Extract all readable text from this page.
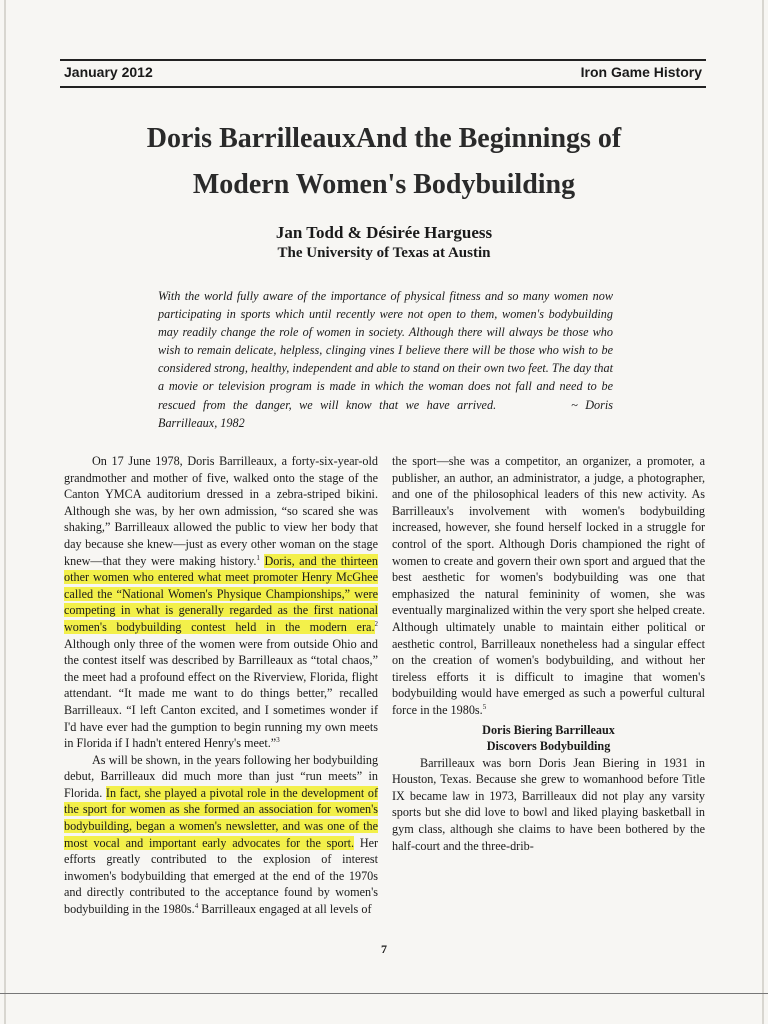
January 2012	Iron Game History
Doris BarrilleauxAnd the Beginnings of
Modern Women's Bodybuilding
Jan Todd & Désirée Harguess
The University of Texas at Austin
With the world fully aware of the importance of physical fitness and so many women now participating in sports which until recently were not open to them, women's bodybuilding may readily change the role of women in society. Although there will always be those who wish to remain delicate, helpless, clinging vines I believe there will be those who wish to be considered strong, healthy, independent and able to stand on their own two feet. The day that a movie or television program is made in which the woman does not fall and need to be rescued from the danger, we will know that we have arrived.	~ Doris Barrilleaux, 1982

On 17 June 1978, Doris Barrilleaux, a forty-six-year-old grandmother and mother of five, walked onto the stage of the Canton YMCA auditorium dressed in a zebra-striped bikini. Although she was, by her own admission, “so scared she was shaking,” Barrilleaux allowed the public to view her body that day because she knew—just as every other woman on the stage knew—that they were making history.$^1$ Doris, and the thirteen other women who entered what meet promoter Henry McGhee called the “National Women's Physique Championships,” were competing in what is generally regarded as the first national women's bodybuilding contest held in the modern era.$^2$ Although only three of the women were from outside Ohio and the contest itself was described by Barrilleaux as “total chaos,” the meet had a profound effect on the Riverview, Florida, flight attendant. “It made me want to do things better,” recalled Barrilleaux. “I left Canton excited, and I sometimes wonder if I'd have ever had the gumption to begin running my own meets in Florida if I hadn't entered Henry's meet.”$^3$

As will be shown, in the years following her bodybuilding debut, Barrilleaux did much more than just “run meets” in Florida. In fact, she played a pivotal role in the development of the sport for women as she formed an association for women's bodybuilding, began a women's newsletter, and was one of the most vocal and important early advocates for the sport. Her efforts greatly contributed to the explosion of interest inwomen's bodybuilding that emerged at the end of the 1970s and directly contributed to the acceptance found by women's bodybuilding in the 1980s.$^4$ Barrilleaux engaged at all levels of

the sport—she was a competitor, an organizer, a promoter, a publisher, an author, an administrator, a judge, a photographer, and one of the philosophical leaders of this new activity. As Barrilleaux's involvement with women's bodybuilding increased, however, she found herself locked in a struggle for control of the sport. Although Doris championed the right of women to create and govern their own sport and argued that the best aesthetic for women's bodybuilding was one that emphasized the natural femininity of women, she was eventually marginalized within the very sport she helped create. Although ultimately unable to maintain either political or aesthetic control, Barrilleaux nonetheless had a singular effect on the creation of women's bodybuilding, and without her tireless efforts it is difficult to imagine that women's bodybuilding would have emerged as such a powerful cultural force in the 1980s.$^5$

Doris Biering Barrilleaux

Discovers Bodybuilding

Barrilleaux was born Doris Jean Biering in 1931 in Houston, Texas. Because she grew to womanhood before Title IX became law in 1973, Barrilleaux did not play any varsity sports but she did love to bowl and liked playing basketball in gym class, although she claims to have been bothered by the half-court and the three-drib-

7
